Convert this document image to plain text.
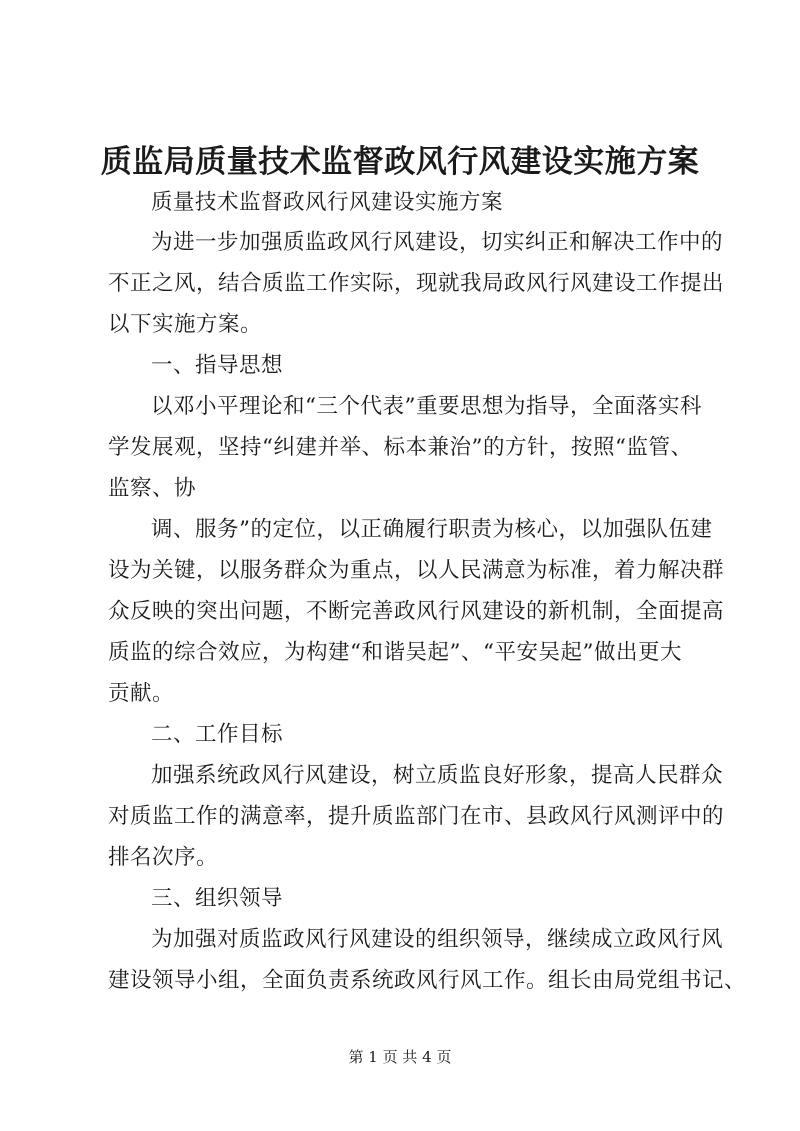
质监局质量技术监督政风行风建设实施方案
质量技术监督政风行风建设实施方案
为进一步加强质监政风行风建设，切实纠正和解决工作中的
不正之风，结合质监工作实际，现就我局政风行风建设工作提出
以下实施方案。
一、指导思想
以邓小平理论和“三个代表”重要思想为指导，全面落实科
学发展观，坚持“纠建并举、标本兼治”的方针，按照“监管、
监察、协
调、服务”的定位，以正确履行职责为核心，以加强队伍建
设为关键，以服务群众为重点，以人民满意为标准，着力解决群
众反映的突出问题，不断完善政风行风建设的新机制，全面提高
质监的综合效应，为构建“和谐吴起”、“平安吴起”做出更大
贡献。
二、工作目标
加强系统政风行风建设，树立质监良好形象，提高人民群众
对质监工作的满意率，提升质监部门在市、县政风行风测评中的
排名次序。
三、组织领导
为加强对质监政风行风建设的组织领导，继续成立政风行风
建设领导小组，全面负责系统政风行风工作。组长由局党组书记、
第 1 页 共 4 页
